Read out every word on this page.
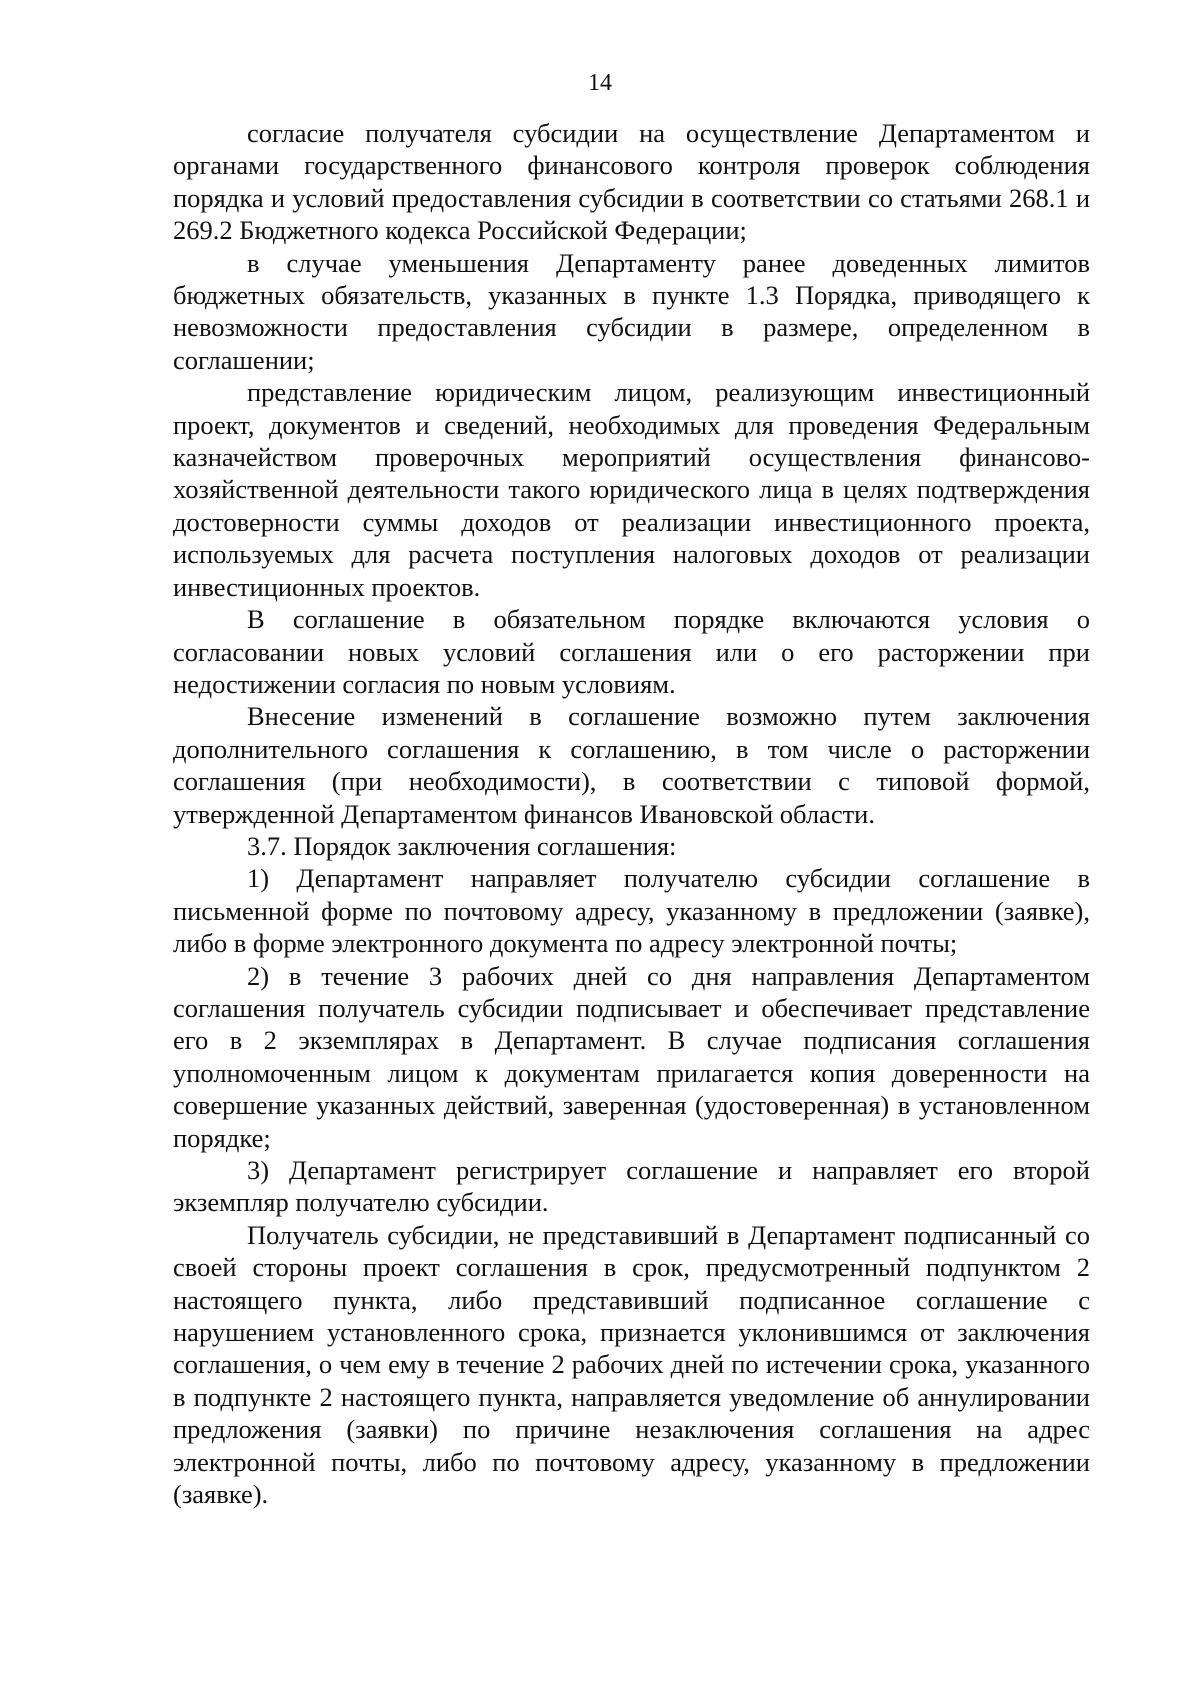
14

согласие получателя субсидии на осуществление Департаментом и органами государственного финансового контроля проверок соблюдения порядка и условий предоставления субсидии в соответствии со статьями 268.1 и 269.2 Бюджетного кодекса Российской Федерации;

в случае уменьшения Департаменту ранее доведенных лимитов бюджетных обязательств, указанных в пункте 1.3 Порядка, приводящего к невозможности предоставления субсидии в размере, определенном в соглашении;

представление юридическим лицом, реализующим инвестиционный проект, документов и сведений, необходимых для проведения Федеральным казначейством проверочных мероприятий осуществления финансово-хозяйственной деятельности такого юридического лица в целях подтверждения достоверности суммы доходов от реализации инвестиционного проекта, используемых для расчета поступления налоговых доходов от реализации инвестиционных проектов.

В соглашение в обязательном порядке включаются условия о согласовании новых условий соглашения или о его расторжении при недостижении согласия по новым условиям.

Внесение изменений в соглашение возможно путем заключения дополнительного соглашения к соглашению, в том числе о расторжении соглашения (при необходимости), в соответствии с типовой формой, утвержденной Департаментом финансов Ивановской области.

3.7. Порядок заключения соглашения:

1) Департамент направляет получателю субсидии соглашение в письменной форме по почтовому адресу, указанному в предложении (заявке), либо в форме электронного документа по адресу электронной почты;

2) в течение 3 рабочих дней со дня направления Департаментом соглашения получатель субсидии подписывает и обеспечивает представление его в 2 экземплярах в Департамент. В случае подписания соглашения уполномоченным лицом к документам прилагается копия доверенности на совершение указанных действий, заверенная (удостоверенная) в установленном порядке;

3) Департамент регистрирует соглашение и направляет его второй экземпляр получателю субсидии.

Получатель субсидии, не представивший в Департамент подписанный со своей стороны проект соглашения в срок, предусмотренный подпунктом 2 настоящего пункта, либо представивший подписанное соглашение с нарушением установленного срока, признается уклонившимся от заключения соглашения, о чем ему в течение 2 рабочих дней по истечении срока, указанного в подпункте 2 настоящего пункта, направляется уведомление об аннулировании предложения (заявки) по причине незаключения соглашения на адрес электронной почты, либо по почтовому адресу, указанному в предложении (заявке).
